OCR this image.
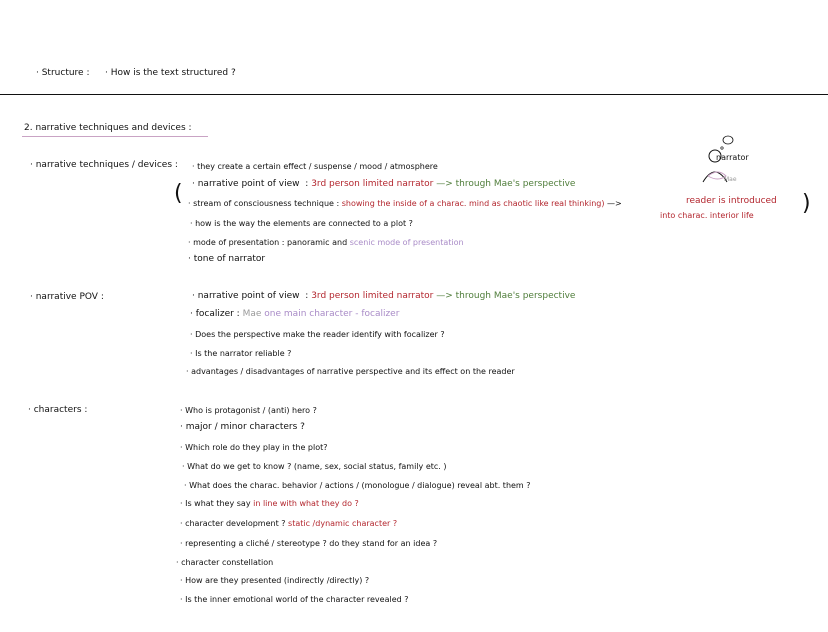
· Structure : · How is the text structured ?
2. narrative techniques and devices :
· narrative techniques / devices : · they create a certain effect / suspense / mood / atmosphere
( · narrative point of view : 3rd person limited narrator —> through Mae's perspective
· stream of consciousness technique : showing the inside of a charac. mind as chaotic like real thinking) —>	reader is introduced
into charac. interior life )
· how is the way the elements are connected to a plot ?
· mode of presentation : panoramic and scenic mode of presentation
· tone of narrator
narrator
Mae
· narrative POV :	· narrative point of view : 3rd person limited narrator —> through Mae's perspective
· focalizer : Mae one main character - focalizer
· Does the perspective make the reader identify with focalizer ?
· Is the narrator reliable ?
· advantages / disadvantages of narrative perspective and its effect on the reader
· characters :	· Who is protagonist / (anti) hero ?
· major / minor characters ?
· Which role do they play in the plot?
· What do we get to know ? (name, sex, social status, family etc. )
· What does the charac. behavior / actions / (monologue / dialogue) reveal abt. them ?
· Is what they say in line with what they do ?
· character development ? static /dynamic character ?
· representing a cliché / stereotype ? do they stand for an idea ?
· character constellation
· How are they presented (indirectly /directly) ?
· Is the inner emotional world of the character revealed ?
